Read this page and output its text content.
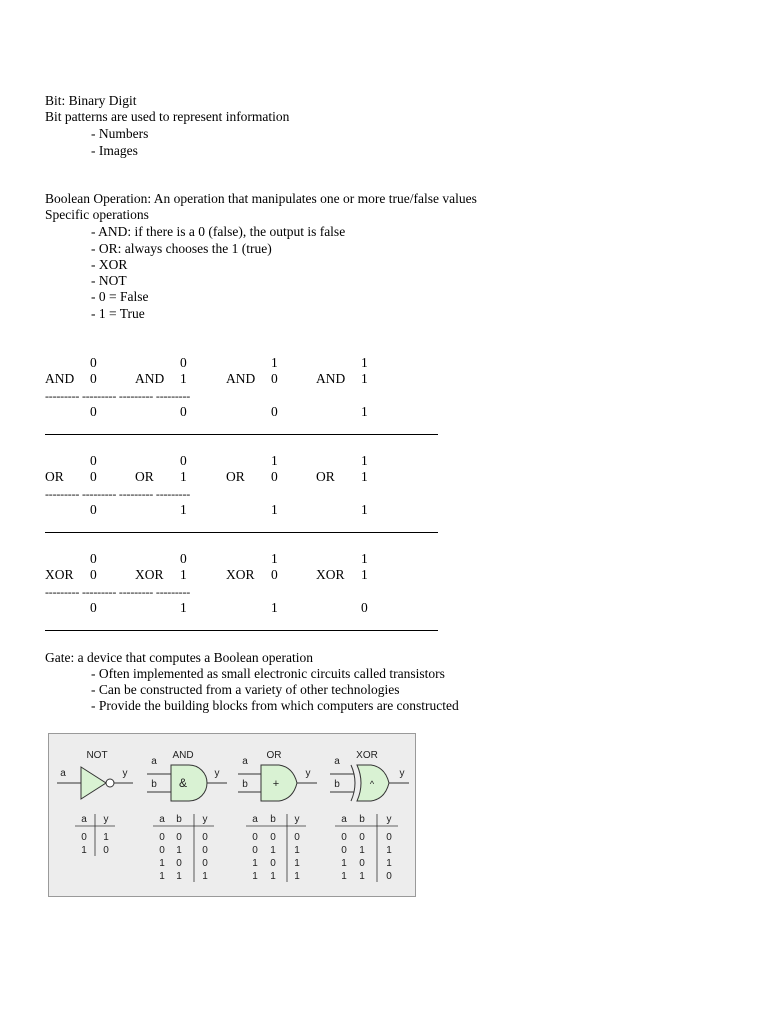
Bit: Binary Digit
Bit patterns are used to represent information
- Numbers
- Images
Boolean Operation: An operation that manipulates one or more true/false values
Specific operations
- AND: if there is a 0 (false), the output is false
- OR: always chooses the 1 (true)
- XOR
- NOT
- 0 = False
- 1 = True
0
AND 0
0
0
AND 1
0
1
AND 0
0
1
AND 1
1
--------- --------- --------- ---------
0
OR 0
0
0
OR 1
1
1
OR 0
1
1
OR 1
1
--------- --------- --------- ---------
0
XOR 0
0
0
XOR 1
1
1
XOR 0
1
1
XOR 1
0
--------- --------- --------- ---------
Gate: a device that computes a Boolean operation
- Often implemented as small electronic circuits called transistors
- Can be constructed from a variety of other technologies
- Provide the building blocks from which computers are constructed
NOT
a	y
AND
a
b
y
&
OR
a
b
y
+
XOR
a
b
y
^
a y
0 1
1 0
a b y
0 0 0
0 1 0
1 0 0
1 1 1
a b y
0 0 0
0 1 1
1 0 1
1 1 1
a b y
0 0 0
0 1 1
1 0 1
1 1 0
